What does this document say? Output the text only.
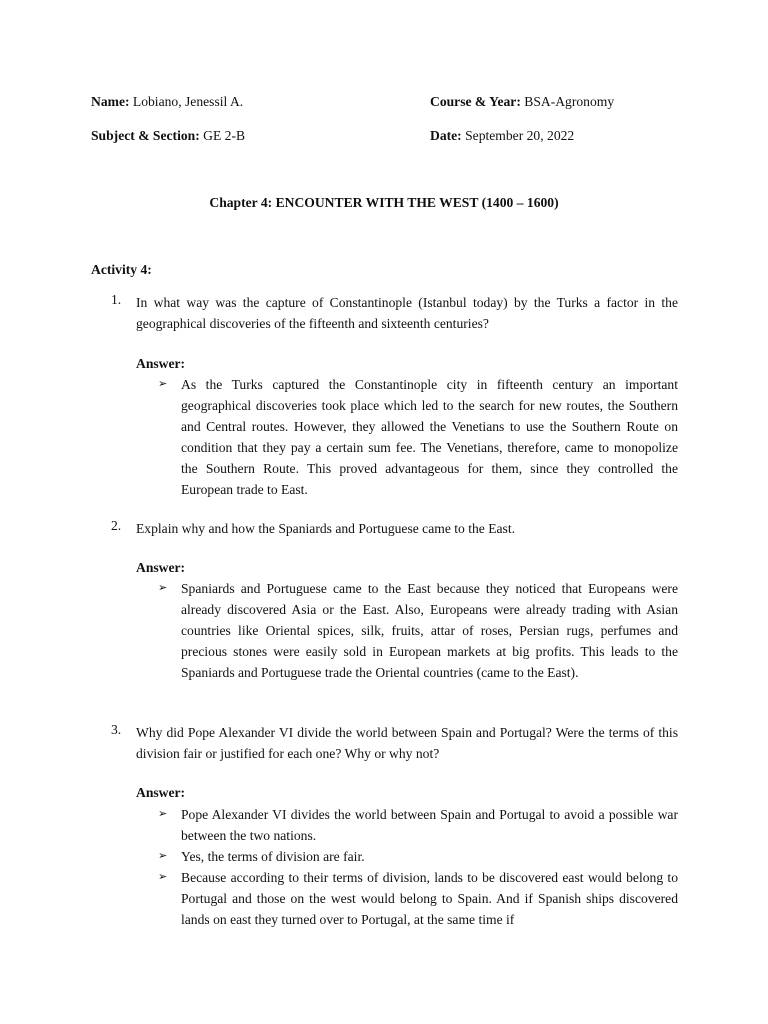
Name: Lobiano, Jenessil A.	Course & Year: BSA-Agronomy
Subject & Section: GE 2-B	Date: September 20, 2022
Chapter 4: ENCOUNTER WITH THE WEST (1400 – 1600)
Activity 4:
1. In what way was the capture of Constantinople (Istanbul today) by the Turks a factor in the geographical discoveries of the fifteenth and sixteenth centuries?
Answer:
➢ As the Turks captured the Constantinople city in fifteenth century an important geographical discoveries took place which led to the search for new routes, the Southern and Central routes. However, they allowed the Venetians to use the Southern Route on condition that they pay a certain sum fee. The Venetians, therefore, came to monopolize the Southern Route. This proved advantageous for them, since they controlled the European trade to East.
2. Explain why and how the Spaniards and Portuguese came to the East.
Answer:
➢ Spaniards and Portuguese came to the East because they noticed that Europeans were already discovered Asia or the East. Also, Europeans were already trading with Asian countries like Oriental spices, silk, fruits, attar of roses, Persian rugs, perfumes and precious stones were easily sold in European markets at big profits. This leads to the Spaniards and Portuguese trade the Oriental countries (came to the East).
3. Why did Pope Alexander VI divide the world between Spain and Portugal? Were the terms of this division fair or justified for each one? Why or why not?
Answer:
➢ Pope Alexander VI divides the world between Spain and Portugal to avoid a possible war between the two nations.
➢ Yes, the terms of division are fair.
➢ Because according to their terms of division, lands to be discovered east would belong to Portugal and those on the west would belong to Spain. And if Spanish ships discovered lands on east they turned over to Portugal, at the same time if
